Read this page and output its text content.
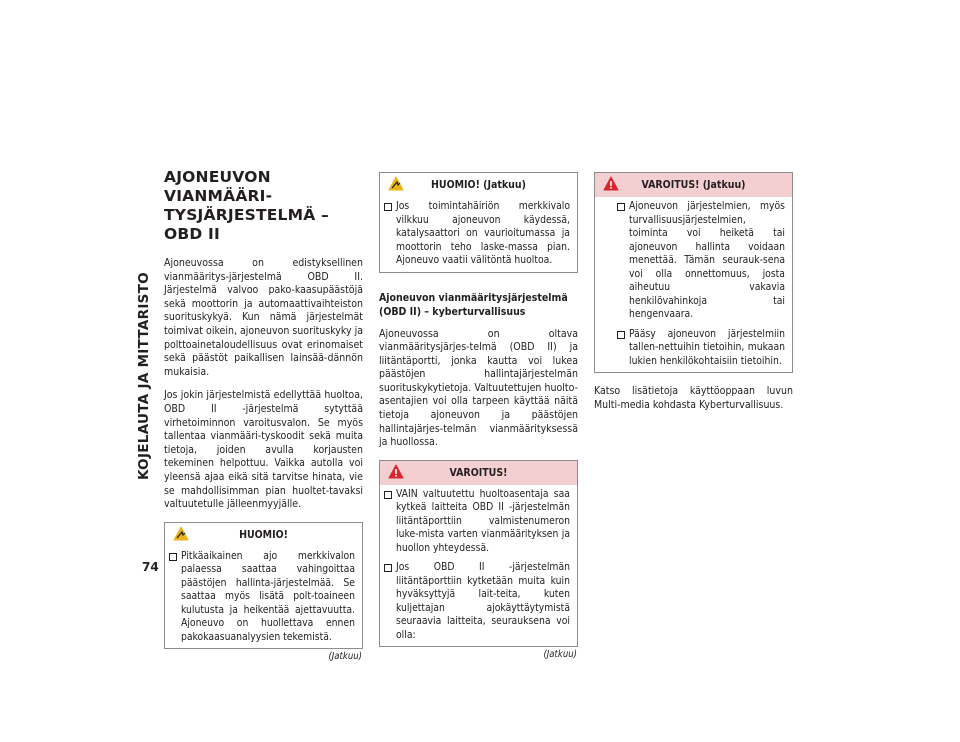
KOJELAUTA JA MITTARISTO
74
AJONEUVON VIANMÄÄRI-TYSJÄRJESTELMÄ – OBD II

Ajoneuvossa on edistyksellinen vianmääritys-järjestelmä OBD II. Järjestelmä valvoo pako-kaasupäästöjä sekä moottorin ja automaattivaihteiston suorituskykyä. Kun nämä järjestelmät toimivat oikein, ajoneuvon suorituskyky ja polttoainetaloudellisuus ovat erinomaiset sekä päästöt paikallisen lainsää-dännön mukaisia.

Jos jokin järjestelmistä edellyttää huoltoa, OBD II -järjestelmä sytyttää virhetoiminnon varoitusvalon. Se myös tallentaa vianmääri-tyskoodit sekä muita tietoja, joiden avulla korjausten tekeminen helpottuu. Vaikka autolla voi yleensä ajaa eikä sitä tarvitse hinata, vie se mahdollisimman pian huoltet-tavaksi valtuutetulle jälleenmyyjälle.

HUOMIO!
Pitkäaikainen ajo merkkivalon palaessa saattaa vahingoittaa päästöjen hallinta-järjestelmää. Se saattaa myös lisätä polt-toaineen kulutusta ja heikentää ajettavuutta. Ajoneuvo on huollettava ennen pakokaasuanalyysien tekemistä.
(Jatkuu)
HUOMIO! (Jatkuu)
Jos toimintahäiriön merkkivalo vilkkuu ajoneuvon käydessä, katalysaattori on vaurioitumassa ja moottorin teho laske-massa pian. Ajoneuvo vaatii välitöntä huoltoa.
Ajoneuvon vianmääritysjärjestelmä (OBD II) – kyberturvallisuus

Ajoneuvossa on oltava vianmääritysjärjes-telmä (OBD II) ja liitäntäportti, jonka kautta voi lukea päästöjen hallintajärjestelmän suorituskykytietoja. Valtuutettujen huolto-asentajien voi olla tarpeen käyttää näitä tietoja ajoneuvon ja päästöjen hallintajärjes-telmän vianmäärityksessä ja huollossa.

VAROITUS!
VAIN valtuutettu huoltoasentaja saa kytkeä laitteita OBD II -järjestelmän liitäntäporttiin valmistenumeron luke-mista varten vianmäärityksen ja huollon yhteydessä.
Jos OBD II -järjestelmän liitäntäporttiin kytketään muita kuin hyväksyttyjä lait-teita, kuten kuljettajan ajokäyttäytymistä seuraavia laitteita, seurauksena voi olla:
(Jatkuu)
VAROITUS! (Jatkuu)
Ajoneuvon järjestelmien, myös turvallisuusjärjestelmien, toiminta voi heiketä tai ajoneuvon hallinta voidaan menettää. Tämän seurauk-sena voi olla onnettomuus, josta aiheutuu vakavia henkilövahinkoja tai hengenvaara.
Pääsy ajoneuvon järjestelmiin tallen-nettuihin tietoihin, mukaan lukien henkilökohtaisiin tietoihin.

Katso lisätietoja käyttöoppaan luvun Multi-media kohdasta Kyberturvallisuus.
